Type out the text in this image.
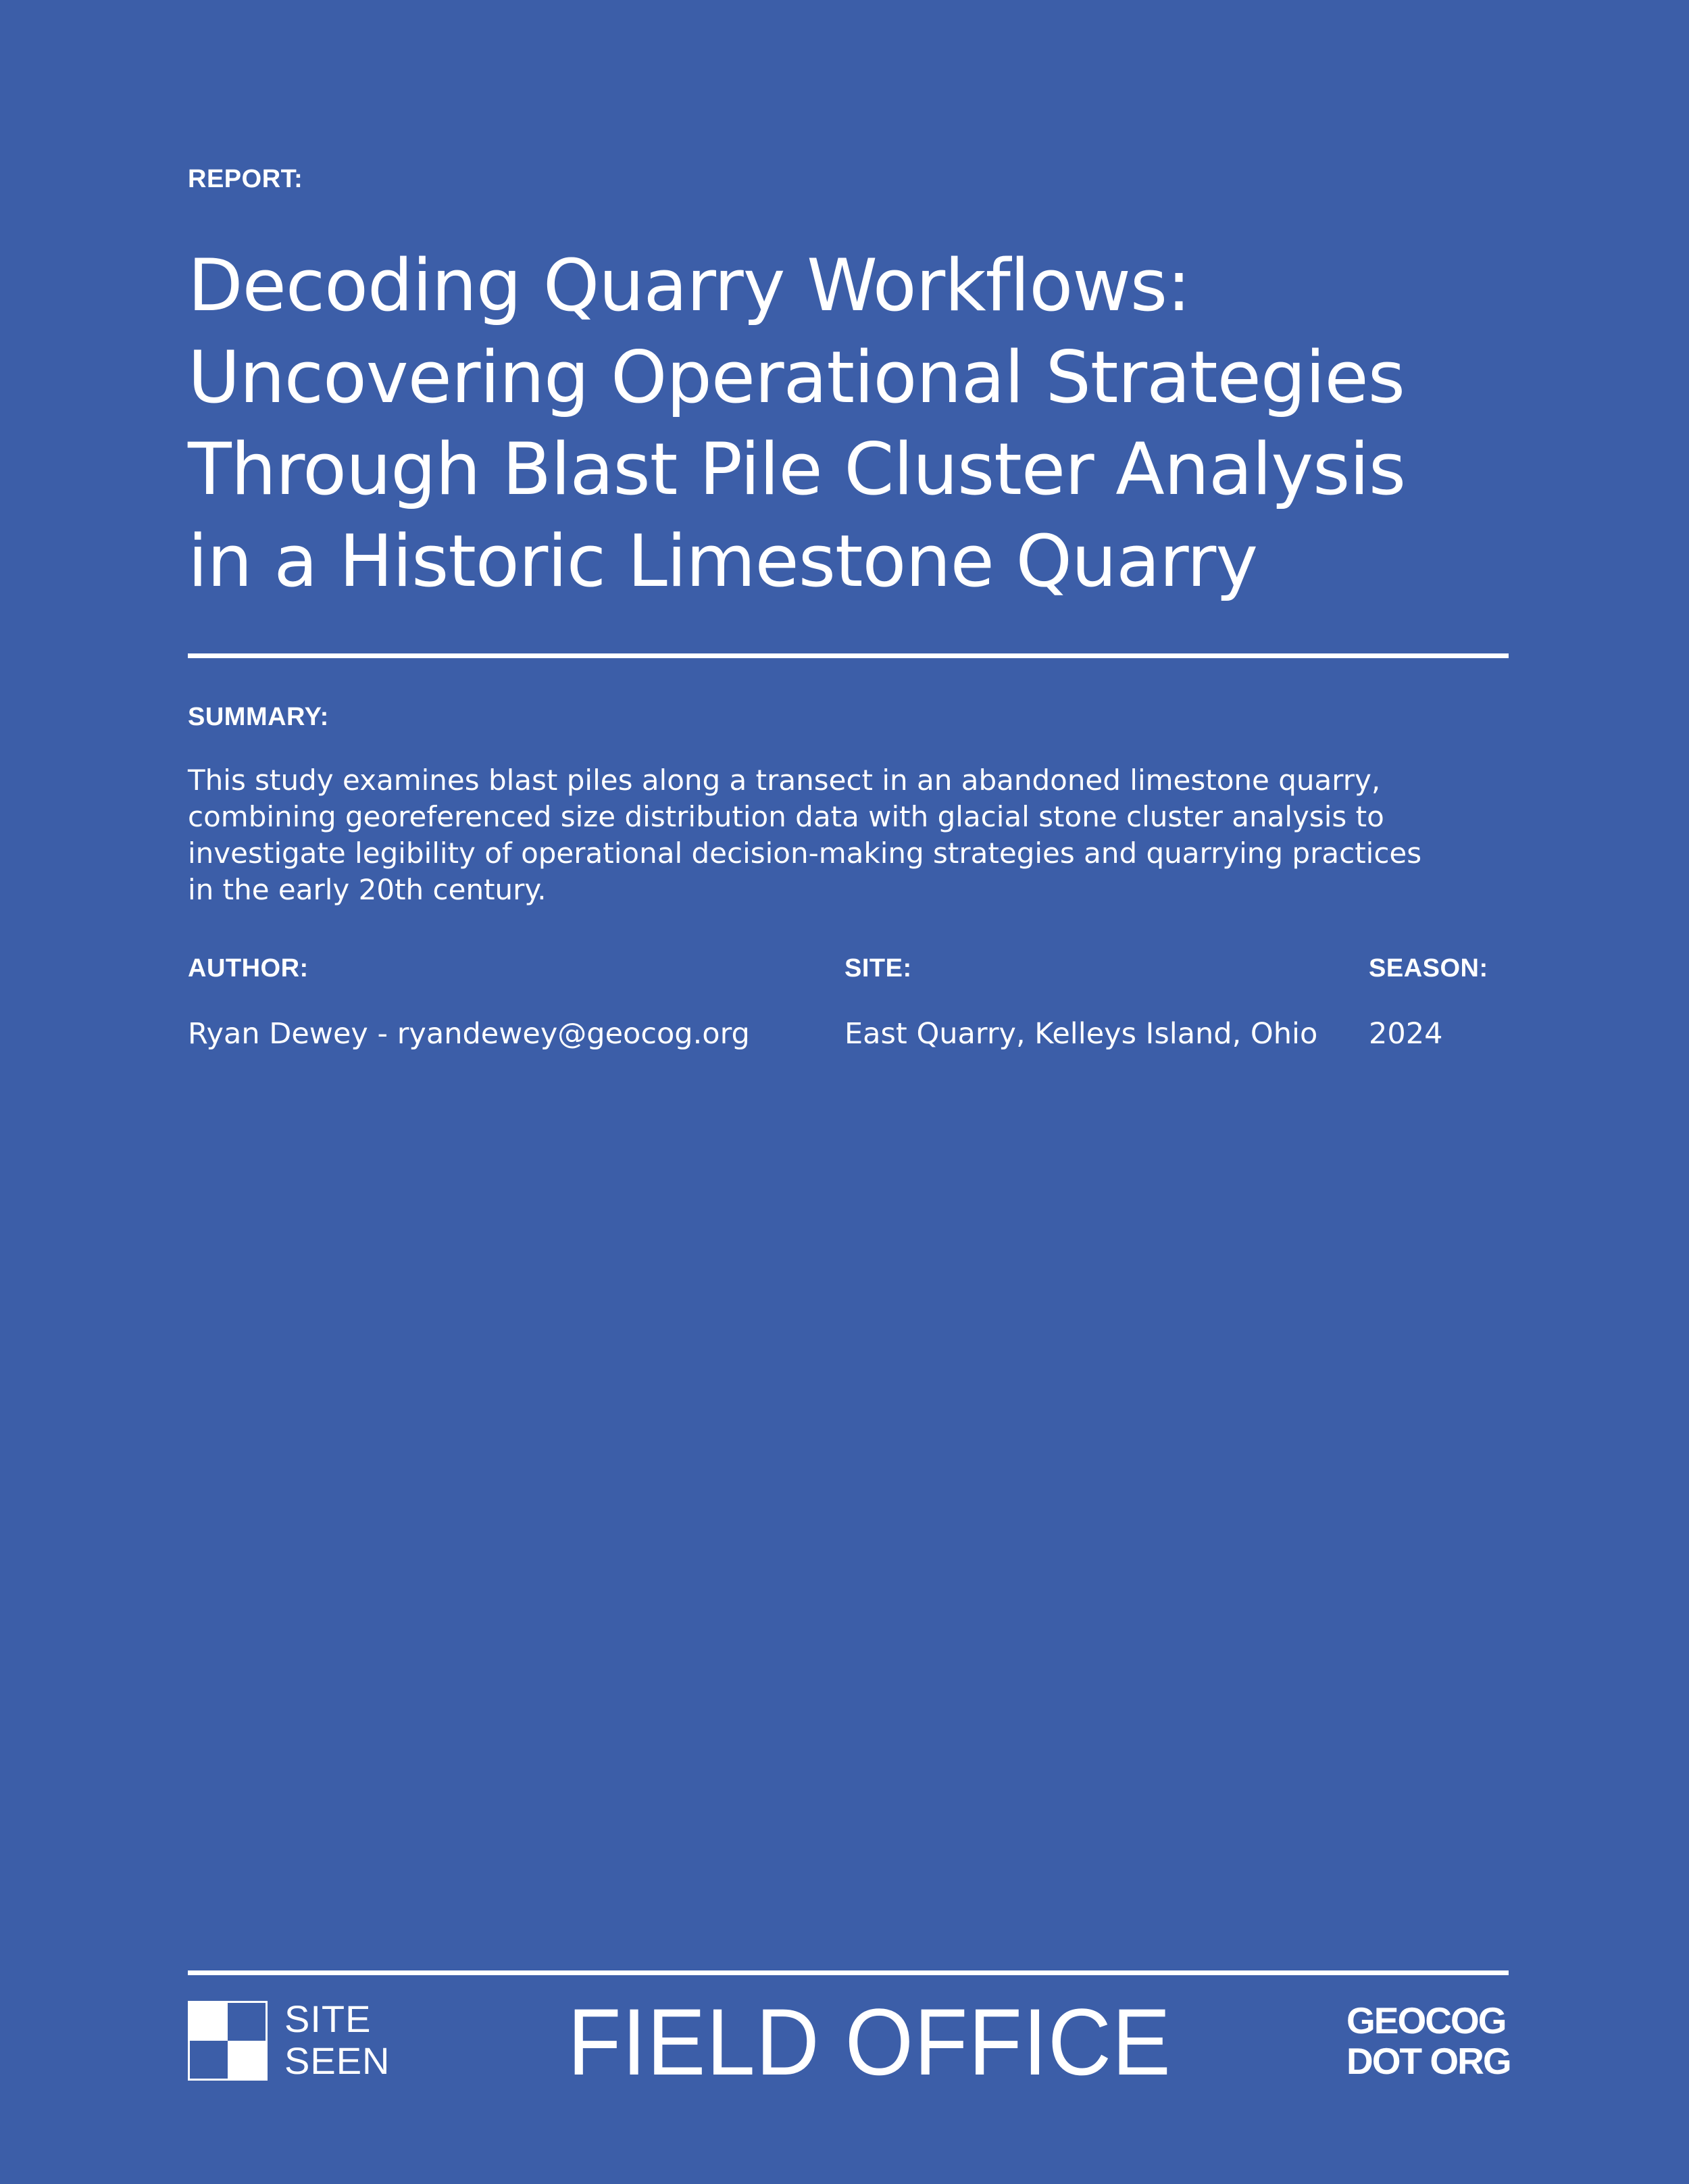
REPORT:
Decoding Quarry Workflows:
Uncovering Operational Strategies
Through Blast Pile Cluster Analysis
in a Historic Limestone Quarry
SUMMARY:

This study examines blast piles along a transect in an abandoned limestone quarry,
combining georeferenced size distribution data with glacial stone cluster analysis to
investigate legibility of operational decision-making strategies and quarrying practices
in the early 20th century.

AUTHOR:	SITE:	SEASON:
Ryan Dewey - ryandewey@geocog.org	East Quarry, Kelleys Island, Ohio 2024
SITE
SEEN FIELD OFFICE	GEOCOG
DOT ORG
